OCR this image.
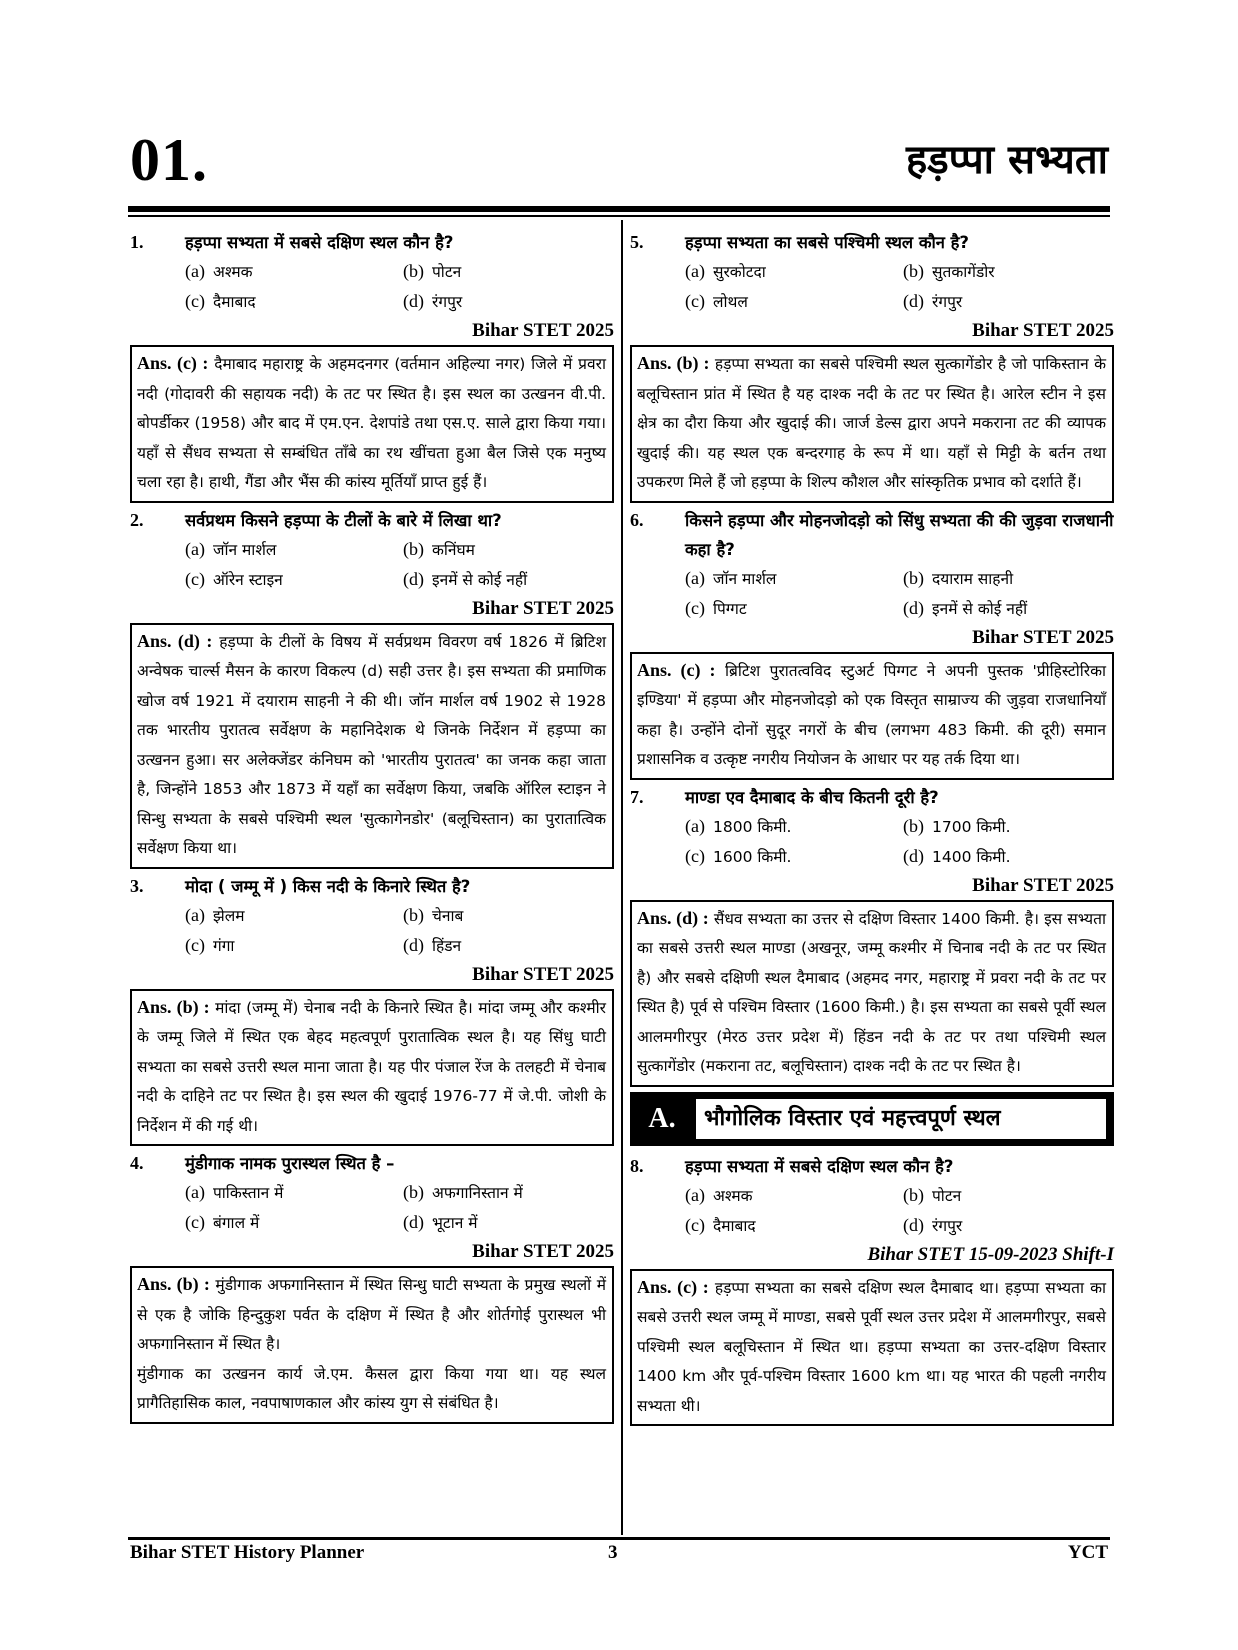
01.	हड़प्पा सभ्यता
1.	हड़प्पा सभ्यता में सबसे दक्षिण स्थल कौन है?
(a) अश्मक	(b) पोटन
(c) दैमाबाद	(d) रंगपुर
Bihar STET 2025

Ans. (c) : दैमाबाद महाराष्ट्र के अहमदनगर (वर्तमान अहिल्या नगर) जिले में प्रवरा नदी (गोदावरी की सहायक नदी) के तट पर स्थित है। इस स्थल का उत्खनन वी.पी. बोपर्डीकर (1958) और बाद में एम.एन. देशपांडे तथा एस.ए. साले द्वारा किया गया। यहाँ से सैंधव सभ्यता से सम्बंधित ताँबे का रथ खींचता हुआ बैल जिसे एक मनुष्य चला रहा है। हाथी, गैंडा और भैंस की कांस्य मूर्तियाँ प्राप्त हुई हैं।

2.	सर्वप्रथम किसने हड़प्पा के टीलों के बारे में लिखा था?
(a) जॉन मार्शल	(b) कनिंघम
(c) ऑरेन स्टाइन	(d) इनमें से कोई नहीं
Bihar STET 2025

Ans. (d) : हड़प्पा के टीलों के विषय में सर्वप्रथम विवरण वर्ष 1826 में ब्रिटिश अन्वेषक चार्ल्स मैसन के कारण विकल्प (d) सही उत्तर है। इस सभ्यता की प्रमाणिक खोज वर्ष 1921 में दयाराम साहनी ने की थी। जॉन मार्शल वर्ष 1902 से 1928 तक भारतीय पुरातत्व सर्वेक्षण के महानिदेशक थे जिनके निर्देशन में हड़प्पा का उत्खनन हुआ। सर अलेक्जेंडर कंनिघम को 'भारतीय पुरातत्व' का जनक कहा जाता है, जिन्होंने 1853 और 1873 में यहाँ का सर्वेक्षण किया, जबकि ऑरिल स्टाइन ने सिन्धु सभ्यता के सबसे पश्चिमी स्थल 'सुत्कागेनडोर' (बलूचिस्तान) का पुरातात्विक सर्वेक्षण किया था।

3.	मोदा ( जम्मू में ) किस नदी के किनारे स्थित है?
(a) झेलम	(b) चेनाब
(c) गंगा	(d) हिंडन
Bihar STET 2025

Ans. (b) : मांदा (जम्मू में) चेनाब नदी के किनारे स्थित है। मांदा जम्मू और कश्मीर के जम्मू जिले में स्थित एक बेहद महत्वपूर्ण पुरातात्विक स्थल है। यह सिंधु घाटी सभ्यता का सबसे उत्तरी स्थल माना जाता है। यह पीर पंजाल रेंज के तलहटी में चेनाब नदी के दाहिने तट पर स्थित है। इस स्थल की खुदाई 1976-77 में जे.पी. जोशी के निर्देशन में की गई थी।

4.	मुंडीगाक नामक पुरास्थल स्थित है –
(a) पाकिस्तान में	(b) अफगानिस्तान में
(c) बंगाल में	(d) भूटान में
Bihar STET 2025

Ans. (b) : मुंडीगाक अफगानिस्तान में स्थित सिन्धु घाटी सभ्यता के प्रमुख स्थलों में से एक है जोकि हिन्दुकुश पर्वत के दक्षिण में स्थित है और शोर्तगोई पुरास्थल भी अफगानिस्तान में स्थित है।

मुंडीगाक का उत्खनन कार्य जे.एम. कैसल द्वारा किया गया था। यह स्थल प्रागैतिहासिक काल, नवपाषाणकाल और कांस्य युग से संबंधित है।

5.	हड़प्पा सभ्यता का सबसे पश्चिमी स्थल कौन है?
(a) सुरकोटदा	(b) सुतकागेंडोर
(c) लोथल	(d) रंगपुर
Bihar STET 2025

Ans. (b) : हड़प्पा सभ्यता का सबसे पश्चिमी स्थल सुत्कागेंडोर है जो पाकिस्तान के बलूचिस्तान प्रांत में स्थित है यह दाश्क नदी के तट पर स्थित है। आरेल स्टीन ने इस क्षेत्र का दौरा किया और खुदाई की। जार्ज डेल्स द्वारा अपने मकराना तट की व्यापक खुदाई की। यह स्थल एक बन्दरगाह के रूप में था। यहाँ से मिट्टी के बर्तन तथा उपकरण मिले हैं जो हड़प्पा के शिल्प कौशल और सांस्कृतिक प्रभाव को दर्शाते हैं।

6.	किसने हड़प्पा और मोहनजोदड़ो को सिंधु सभ्यता की की जुड़वा राजधानी कहा है?
(a) जॉन मार्शल	(b) दयाराम साहनी
(c) पिग्गट	(d) इनमें से कोई नहीं
Bihar STET 2025

Ans. (c) : ब्रिटिश पुरातत्वविद स्टुअर्ट पिग्गट ने अपनी पुस्तक 'प्रीहिस्टोरिका इण्डिया' में हड़प्पा और मोहनजोदड़ो को एक विस्तृत साम्राज्य की जुड़वा राजधानियाँ कहा है। उन्होंने दोनों सुदूर नगरों के बीच (लगभग 483 किमी. की दूरी) समान प्रशासनिक व उत्कृष्ट नगरीय नियोजन के आधार पर यह तर्क दिया था।

7.	माण्डा एव दैमाबाद के बीच कितनी दूरी है?
(a) 1800 किमी.	(b) 1700 किमी.
(c) 1600 किमी.	(d) 1400 किमी.
Bihar STET 2025

Ans. (d) : सैंधव सभ्यता का उत्तर से दक्षिण विस्तार 1400 किमी. है। इस सभ्यता का सबसे उत्तरी स्थल माण्डा (अखनूर, जम्मू कश्मीर में चिनाब नदी के तट पर स्थित है) और सबसे दक्षिणी स्थल दैमाबाद (अहमद नगर, महाराष्ट्र में प्रवरा नदी के तट पर स्थित है) पूर्व से पश्चिम विस्तार (1600 किमी.) है। इस सभ्यता का सबसे पूर्वी स्थल आलमगीरपुर (मेरठ उत्तर प्रदेश में) हिंडन नदी के तट पर तथा पश्चिमी स्थल सुत्कागेंडोर (मकराना तट, बलूचिस्तान) दाश्क नदी के तट पर स्थित है।

A.	भौगोलिक विस्तार एवं महत्त्वपूर्ण स्थल
8.	हड़प्पा सभ्यता में सबसे दक्षिण स्थल कौन है?
(a) अश्मक	(b) पोटन
(c) दैमाबाद	(d) रंगपुर
Bihar STET 15-09-2023 Shift-I

Ans. (c) : हड़प्पा सभ्यता का सबसे दक्षिण स्थल दैमाबाद था। हड़प्पा सभ्यता का सबसे उत्तरी स्थल जम्मू में माण्डा, सबसे पूर्वी स्थल उत्तर प्रदेश में आलमगीरपुर, सबसे पश्चिमी स्थल बलूचिस्तान में स्थित था। हड़प्पा सभ्यता का उत्तर-दक्षिण विस्तार 1400 km और पूर्व-पश्चिम विस्तार 1600 km था। यह भारत की पहली नगरीय सभ्यता थी।

Bihar STET History Planner	3	YCT
